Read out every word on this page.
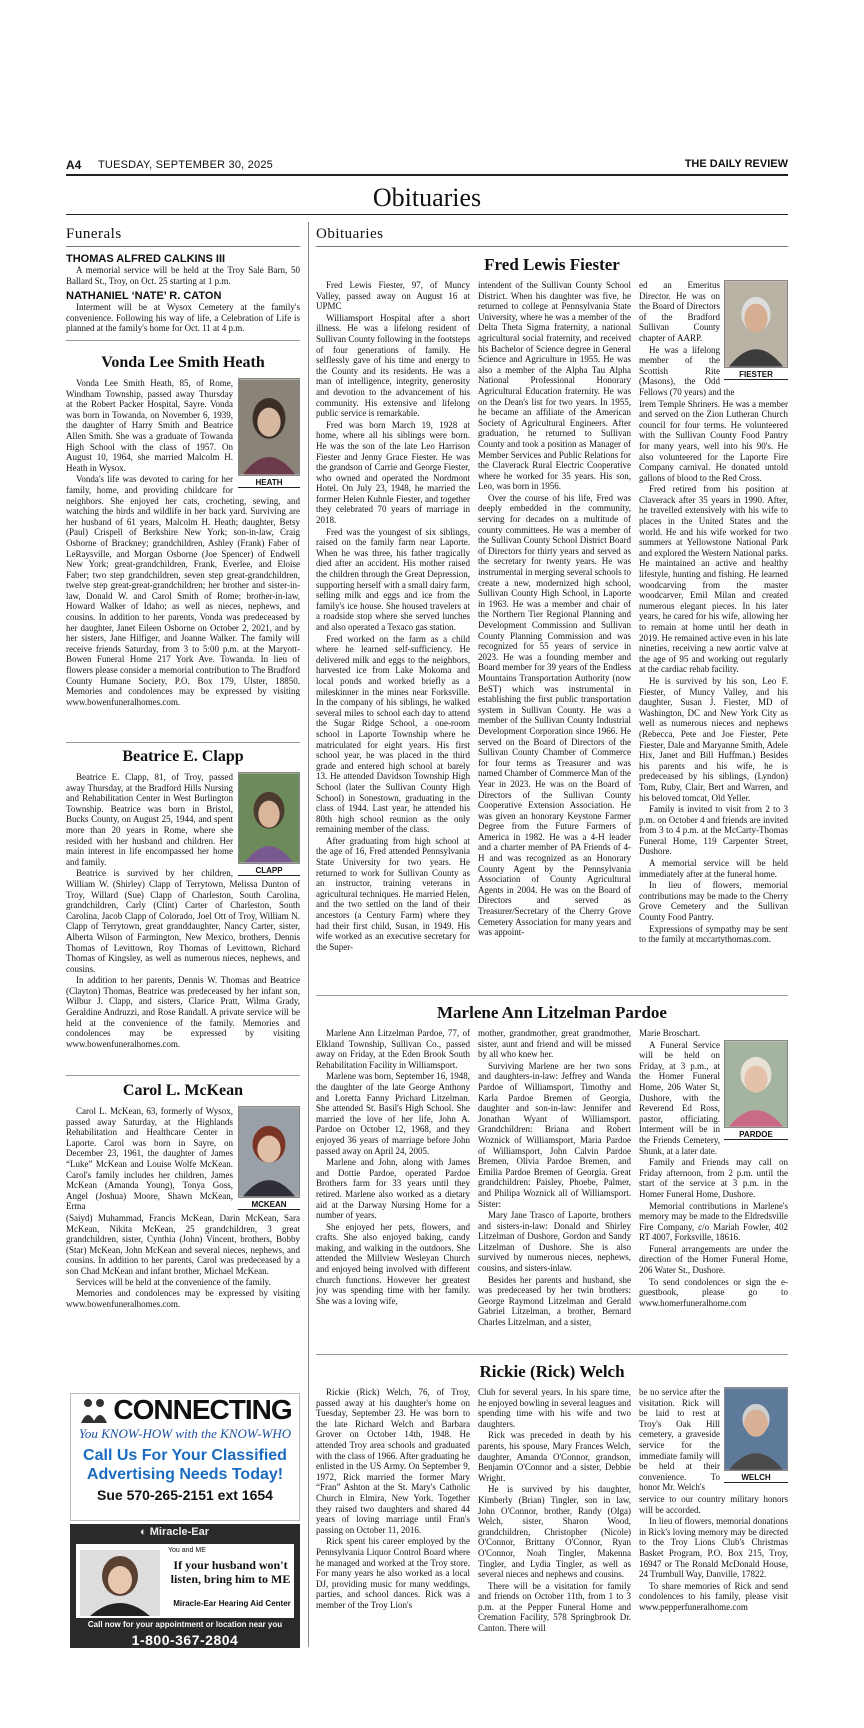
A4 TUESDAY, SEPTEMBER 30, 2025	THE DAILY REVIEW
Obituaries
Funerals
THOMAS ALFRED CALKINS III

A memorial service will be held at the Troy Sale Barn, 50 Ballard St., Troy, on Oct. 25 starting at 1 p.m.

NATHANIEL ‘NATE’ R. CATON

Interment will be at Wysox Cemetery at the family's convenience. Following his way of life, a Celebration of Life is planned at the family's home for Oct. 11 at 4 p.m.

Vonda Lee Smith Heath
HEATH

Vonda Lee Smith Heath, 85, of Rome, Windham Township, passed away Thursday at the Robert Packer Hospital, Sayre. Vonda was born in Towanda, on November 6, 1939, the daughter of Harry Smith and Beatrice Allen Smith. She was a graduate of Towanda High School with the class of 1957. On August 10, 1964, she married Malcolm H. Heath in Wysox.

Vonda's life was devoted to caring for her family, home, and providing childcare for neighbors. She enjoyed her cats, crocheting, sewing, and watching the birds and wildlife in her back yard. Surviving are her husband of 61 years, Malcolm H. Heath; daughter, Betsy (Paul) Crispell of Berkshire New York; son-in-law, Craig Osborne of Brackney; grandchildren, Ashley (Frank) Faber of LeRaysville, and Morgan Osborne (Joe Spencer) of Endwell New York; great-grandchildren, Frank, Everlee, and Eloise Faber; two step grandchildren, seven step great-grandchildren, twelve step great-great-grandchildren; her brother and sister-in-law, Donald W. and Carol Smith of Rome; brother-in-law, Howard Walker of Idaho; as well as nieces, nephews, and cousins. In addition to her parents, Vonda was predeceased by her daughter, Janet Eileen Osborne on October 2, 2021, and by her sisters, Jane Hilfiger, and Joanne Walker. The family will receive friends Saturday, from 3 to 5:00 p.m. at the Maryott-Bowen Funeral Home 217 York Ave. Towanda. In lieu of flowers please consider a memorial contribution to The Bradford County Humane Society, P.O. Box 179, Ulster, 18850. Memories and condolences may be expressed by visiting www.bowenfuneralhomes.com.

Beatrice E. Clapp
CLAPP

Beatrice E. Clapp, 81, of Troy, passed away Thursday, at the Bradford Hills Nursing and Rehabilitation Center in West Burlington Township. Beatrice was born in Bristol, Bucks County, on August 25, 1944, and spent more than 20 years in Rome, where she resided with her husband and children. Her main interest in life encompassed her home and family.

Beatrice is survived by her children, William W. (Shirley) Clapp of Terrytown, Melissa Dunton of Troy, Willard (Sue) Clapp of Charleston, South Carolina, grandchildren, Carly (Clint) Carter of Charleston, South Carolina, Jacob Clapp of Colorado, Joel Ott of Troy, William N. Clapp of Terrytown, great granddaughter, Nancy Carter, sister, Alberta Wilson of Farmington, New Mexico, brothers, Dennis Thomas of Levittown, Roy Thomas of Levittown, Richard Thomas of Kingsley, as well as numerous nieces, nephews, and cousins.

In addition to her parents, Dennis W. Thomas and Beatrice (Clayton) Thomas, Beatrice was predeceased by her infant son, Wilbur J. Clapp, and sisters, Clarice Pratt, Wilma Grady, Geraldine Andruzzi, and Rose Randall. A private service will be held at the convenience of the family. Memories and condolences may be expressed by visiting www.bowenfuneralhomes.com.

Carol L. McKean
MCKEAN

Carol L. McKean, 63, formerly of Wysox, passed away Saturday, at the Highlands Rehabilitation and Healthcare Center in Laporte. Carol was born in Sayre, on December 23, 1961, the daughter of James “Luke” McKean and Louise Wolfe McKean. Carol's family includes her children, James McKean (Amanda Young), Tonya Goss, Angel (Joshua) Moore, Shawn McKean, Erma

(Saiyd) Muhammad, Francis McKean, Darin McKean, Sara McKean, Nikita McKean, 25 grandchildren, 3 great grandchildren, sister, Cynthia (John) Vincent, brothers, Bobby (Star) McKean, John McKean and several nieces, nephews, and cousins. In addition to her parents, Carol was predeceased by a son Chad McKean and infant brother, Michael McKean.

Services will be held at the convenience of the family.

Memories and condolences may be expressed by visiting www.bowenfuneralhomes.com.

CONNECTING
You KNOW-HOW with the KNOW-WHO
Call Us For Your Classified Advertising Needs Today!
Sue 570-265-2151 ext 1654
◐ Miracle-Ear
You and ME
If your husband won't listen, bring him to ME
Miracle-Ear Hearing Aid Center
Call now for your appointment or location near you
1-800-367-2804
Obituaries
Fred Lewis Fiester

Fred Lewis Fiester, 97, of Muncy Valley, passed away on August 16 at UPMC

Williamsport Hospital after a short illness. He was a lifelong resident of Sullivan County following in the footsteps of four generations of family. He selflessly gave of his time and energy to the County and its residents. He was a man of intelligence, integrity, generosity and devotion to the advancement of his community. His extensive and lifelong public service is remarkable.

Fred was born March 19, 1928 at home, where all his siblings were born. He was the son of the late Leo Harrison Fiester and Jenny Grace Fiester. He was the grandson of Carrie and George Fiester, who owned and operated the Nordmont Hotel. On July 23, 1948, he married the former Helen Kuhnle Fiester, and together they celebrated 70 years of marriage in 2018.

Fred was the youngest of six siblings, raised on the family farm near Laporte. When he was three, his father tragically died after an accident. His mother raised the children through the Great Depression, supporting herself with a small dairy farm, selling milk and eggs and ice from the family's ice house. She housed travelers at a roadside stop where she served lunches and also operated a Texaco gas station.

Fred worked on the farm as a child where he learned self-sufficiency. He delivered milk and eggs to the neighbors, harvested ice from Lake Mokoma and local ponds and worked briefly as a mileskinner in the mines near Forksville. In the company of his siblings, he walked several miles to school each day to attend the Sugar Ridge School, a one-room school in Laporte Township where he matriculated for eight years. His first school year, he was placed in the third grade and entered high school at barely 13. He attended Davidson Township High School (later the Sullivan County High School) in Sonestown, graduating in the class of 1944. Last year, he attended his 80th high school reunion as the only remaining member of the class.

After graduating from high school at the age of 16, Fred attended Pennsylvania State University for two years. He returned to work for Sullivan County as an instructor, training veterans in agricultural techniques. He married Helen, and the two settled on the land of their ancestors (a Century Farm) where they had their first child, Susan, in 1949. His wife worked as an executive secretary for the Super-

intendent of the Sullivan County School District. When his daughter was five, he returned to college at Pennsylvania State University, where he was a member of the Delta Theta Sigma fraternity, a national agricultural social fraternity, and received his Bachelor of Science degree in General Science and Agriculture in 1955. He was also a member of the Alpha Tau Alpha National Professional Honorary Agricultural Education fraternity. He was on the Dean's list for two years. In 1955, he became an affiliate of the American Society of Agricultural Engineers. After graduation, he returned to Sullivan County and took a position as Manager of Member Services and Public Relations for the Claverack Rural Electric Cooperative where he worked for 35 years. His son, Leo, was born in 1956.

Over the course of his life, Fred was deeply embedded in the community, serving for decades on a multitude of county committees. He was a member of the Sullivan County School District Board of Directors for thirty years and served as the secretary for twenty years. He was instrumental in merging several schools to create a new, modernized high school, Sullivan County High School, in Laporte in 1963. He was a member and chair of the Northern Tier Regional Planning and Development Commission and Sullivan County Planning Commission and was recognized for 55 years of service in 2023. He was a founding member and Board member for 39 years of the Endless Mountains Transportation Authority (now BeST) which was instrumental in establishing the first public transportation system in Sullivan County. He was a member of the Sullivan County Industrial Development Corporation since 1966. He served on the Board of Directors of the Sullivan County Chamber of Commerce for four terms as Treasurer and was named Chamber of Commerce Man of the Year in 2023. He was on the Board of Directors of the Sullivan County Cooperative Extension Association. He was given an honorary Keystone Farmer Degree from the Future Farmers of America in 1982. He was a 4-H leader and a charter member of PA Friends of 4-H and was recognized as an Honorary County Agent by the Pennsylvania Association of County Agricultural Agents in 2004. He was on the Board of Directors and served as Treasurer/Secretary of the Cherry Grove Cemetery Association for many years and was appoint-

FIESTER

ed an Emeritus Director. He was on the Board of Directors of the Bradford Sullivan County chapter of AARP.

He was a lifelong member of the Scottish Rite (Masons), the Odd Fellows (70 years) and the

Irem Temple Shriners. He was a member and served on the Zion Lutheran Church council for four terms. He volunteered with the Sullivan County Food Pantry for many years, well into his 90's. He also volunteered for the Laporte Fire Company carnival. He donated untold gallons of blood to the Red Cross.

Fred retired from his position at Claverack after 35 years in 1990. After, he travelled extensively with his wife to places in the United States and the world. He and his wife worked for two summers at Yellowstone National Park and explored the Western National parks. He maintained an active and healthy lifestyle, hunting and fishing. He learned woodcarving from the master woodcarver, Emil Milan and created numerous elegant pieces. In his later years, he cared for his wife, allowing her to remain at home until her death in 2019. He remained active even in his late nineties, receiving a new aortic valve at the age of 95 and working out regularly at the cardiac rehab facility.

He is survived by his son, Leo F. Fiester, of Muncy Valley, and his daughter, Susan J. Fiester, MD of Washington, DC and New York City as well as numerous nieces and nephews (Rebecca, Pete and Joe Fiester, Pete Fiester, Dale and Maryanne Smith, Adele Hix, Janet and Bill Huffman.) Besides his parents and his wife, he is predeceased by his siblings, (Lyndon) Tom, Ruby, Clair, Bert and Warren, and his beloved tomcat, Old Yeller.

Family is invited to visit from 2 to 3 p.m. on October 4 and friends are invited from 3 to 4 p.m. at the McCarty-Thomas Funeral Home, 119 Carpenter Street, Dushore.

A memorial service will be held immediately after at the funeral home.

In lieu of flowers, memorial contributions may be made to the Cherry Grove Cemetery and the Sullivan County Food Pantry.

Expressions of sympathy may be sent to the family at mccartythomas.com.

Marlene Ann Litzelman Pardoe

Marlene Ann Litzelman Pardoe, 77, of Elkland Township, Sullivan Co., passed away on Friday, at the Eden Brook South Rehabilitation Facility in Williamsport.

Marlene was born, September 16, 1948, the daughter of the late George Anthony and Loretta Fanny Prichard Litzelman. She attended St. Basil's High School. She married the love of her life, John A. Pardoe on October 12, 1968, and they enjoyed 36 years of marriage before John passed away on April 24, 2005.

Marlene and John, along with James and Dottie Pardoe, operated Pardoe Brothers farm for 33 years until they retired. Marlene also worked as a dietary aid at the Darway Nursing Home for a number of years.

She enjoyed her pets, flowers, and crafts. She also enjoyed baking, candy making, and walking in the outdoors. She attended the Millview Wesleyan Church and enjoyed being involved with different church functions. However her greatest joy was spending time with her family. She was a loving wife,

mother, grandmother, great grandmother, sister, aunt and friend and will be missed by all who knew her.

Surviving Marlene are her two sons and daughters-in-law: Jeffrey and Wanda Pardoe of Williamsport, Timothy and Karla Pardoe Bremen of Georgia, daughter and son-in-law: Jennifer and Jonathan Wyant of Williamsport. Grandchildren: Briana and Robert Woznick of Williamsport, Maria Pardoe of Williamsport, John Calvin Pardoe Bremen, Olivia Pardoe Bremen, and Emilia Pardoe Bremen of Georgia. Great grandchildren: Paisley, Phoebe, Palmer, and Philipa Woznick all of Williamsport. Sister:

Mary Jane Trasco of Laporte, brothers and sisters-in-law: Donald and Shirley Litzelman of Dushore, Gordon and Sandy Litzelman of Dushore. She is also survived by numerous nieces, nephews, cousins, and sisters-inlaw.

Besides her parents and husband, she was predeceased by her twin brothers: George Raymond Litzelman and Gerald Gabriel Litzelman, a brother, Bernard Charles Litzelman, and a sister,

Marie Broschart.

PARDOE

A Funeral Service will be held on Friday, at 3 p.m., at the Homer Funeral Home, 206 Water St, Dushore, with the Reverend Ed Ross, pastor, officiating. Interment will be in the Friends Cemetery, Shunk, at a later date.

Family and Friends may call on Friday afternoon, from 2 p.m. until the start of the service at 3 p.m. in the Homer Funeral Home, Dushore.

Memorial contributions in Marlene's memory may be made to the Eldredsville Fire Company, c/o Mariah Fowler, 402 RT 4007, Forksville, 18616.

Funeral arrangements are under the direction of the Homer Funeral Home, 206 Water St., Dushore.

To send condolences or sign the e-guestbook, please go to www.homerfuneralhome.com

Rickie (Rick) Welch

Rickie (Rick) Welch, 76, of Troy, passed away at his daughter's home on Tuesday, September 23. He was born to the late Richard Welch and Barbara Grover on October 14th, 1948. He attended Troy area schools and graduated with the class of 1966. After graduating he enlisted in the US Army. On September 9, 1972, Rick married the former Mary “Fran” Ashton at the St. Mary's Catholic Church in Elmira, New York. Together they raised two daughters and shared 44 years of loving marriage until Fran's passing on October 11, 2016.

Rick spent his career employed by the Pennsylvania Liquor Control Board where he managed and worked at the Troy store. For many years he also worked as a local DJ, providing music for many weddings, parties, and school dances. Rick was a member of the Troy Lion's

Club for several years. In his spare time, he enjoyed bowling in several leagues and spending time with his wife and two daughters.

Rick was preceded in death by his parents, his spouse, Mary Frances Welch, daughter, Amanda O'Connor, grandson, Benjamin O'Connor and a sister, Debbie Wright.

He is survived by his daughter, Kimberly (Brian) Tingler, son in law, John O'Connor, brother, Randy (Olga) Welch, sister, Sharon Wood, grandchildren, Christopher (Nicole) O'Connor, Brittany O'Connor, Ryan O'Connor, Noah Tingler, Makenna Tingler, and Lydia Tingler, as well as several nieces and nephews and cousins.

There will be a visitation for family and friends on October 11th, from 1 to 3 p.m. at the Pepper Funeral Home and Cremation Facility, 578 Springbrook Dr. Canton. There will

WELCH

be no service after the visitation. Rick will be laid to rest at Troy's Oak Hill cemetery, a graveside service for the immediate family will be held at their convenience. To honor Mr. Welch's

service to our country military honors will be accorded.

In lieu of flowers, memorial donations in Rick's loving memory may be directed to the Troy Lions Club's Christmas Basket Program, P.O. Box 215, Troy, 16947 or The Ronald McDonald House, 24 Trumbull Way, Danville, 17822.

To share memories of Rick and send condolences to his family, please visit www.pepperfuneralhome.com
